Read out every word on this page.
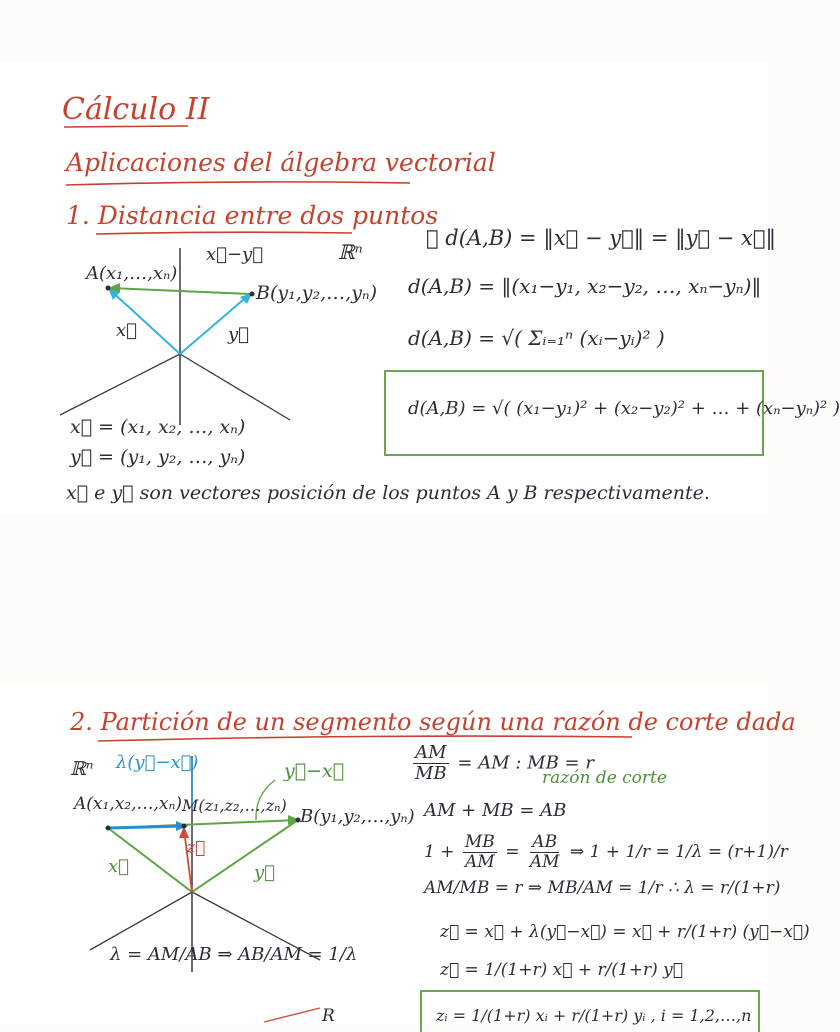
Cálculo II
Aplicaciones del álgebra vectorial
1. Distancia entre dos puntos
x⃗−y⃗	ℝⁿ
A(x₁,…,xₙ)
B(y₁,y₂,…,yₙ)
x⃗	y⃗
∴ d(A,B) = ‖x⃗ − y⃗‖ = ‖y⃗ − x⃗‖
d(A,B) = ‖(x₁−y₁, x₂−y₂, …, xₙ−yₙ)‖
d(A,B) = √( Σᵢ₌₁ⁿ (xᵢ−yᵢ)² )
d(A,B) = √( (x₁−y₁)² + (x₂−y₂)² + … + (xₙ−yₙ)² )
x⃗ = (x₁, x₂, …, xₙ)
y⃗ = (y₁, y₂, …, yₙ)
x⃗ e y⃗ son vectores posición de los puntos A y B respectivamente.
2. Partición de un segmento según una razón de corte dada
ℝⁿ λ(y⃗−x⃗)	y⃗−x⃗
A(x₁,x₂,…,xₙ) M(z₁,z₂,…,zₙ)
B(y₁,y₂,…,yₙ)
x⃗	y⃗
z⃗
λ = AM/AB ⇒ AB/AM = 1/λ
$\frac{AM}{MB}$ = AM : MB = r
razón de corte
AM + MB = AB
$1 + \frac{MB}{AM} = \frac{AB}{AM}$ ⇒ 1 + 1/r = 1/λ = (r+1)/r
AM/MB = r ⇒ MB/AM = 1/r ∴ λ = r/(1+r)
z⃗ = x⃗ + λ(y⃗−x⃗) = x⃗ + r/(1+r) (y⃗−x⃗)
z⃗ = 1/(1+r) x⃗ + r/(1+r) y⃗
zᵢ = 1/(1+r) xᵢ + r/(1+r) yᵢ , i = 1,2,…,n
R
